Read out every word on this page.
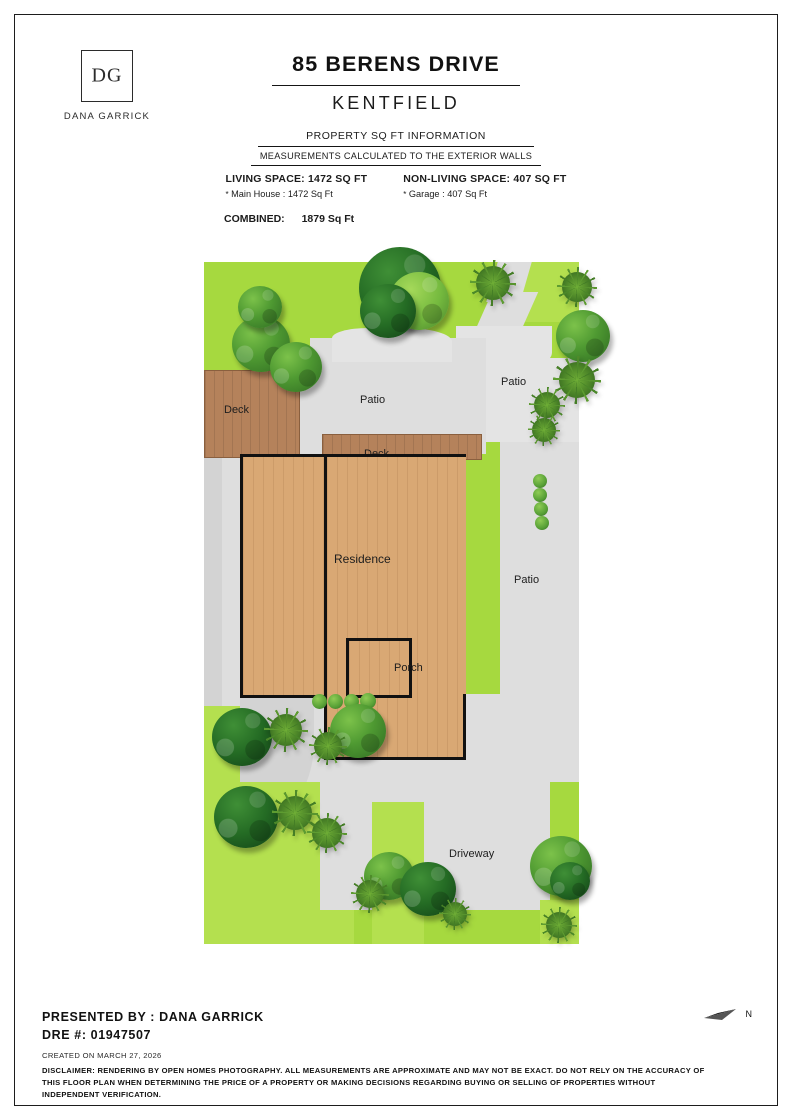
DG
DANA GARRICK
85 BERENS DRIVE
KENTFIELD
PROPERTY SQ FT INFORMATION
MEASUREMENTS CALCULATED TO THE EXTERIOR WALLS
LIVING SPACE: 1472 SQ FT
* Main House : 1472 Sq Ft
NON-LIVING SPACE: 407 SQ FT
* Garage : 407 Sq Ft
COMBINED: 1879 Sq Ft
Patio
Patio
Patio
Driveway
Deck
Residence
Porch
PRESENTED BY : DANA GARRICK
DRE #: 01947507
CREATED ON MARCH 27, 2026
DISCLAIMER: RENDERING BY OPEN HOMES PHOTOGRAPHY. ALL MEASUREMENTS ARE APPROXIMATE AND MAY NOT BE EXACT. DO NOT RELY ON THE ACCURACY OF THIS FLOOR PLAN WHEN DETERMINING THE PRICE OF A PROPERTY OR MAKING DECISIONS REGARDING BUYING OR SELLING OF PROPERTIES WITHOUT INDEPENDENT VERIFICATION.
N
